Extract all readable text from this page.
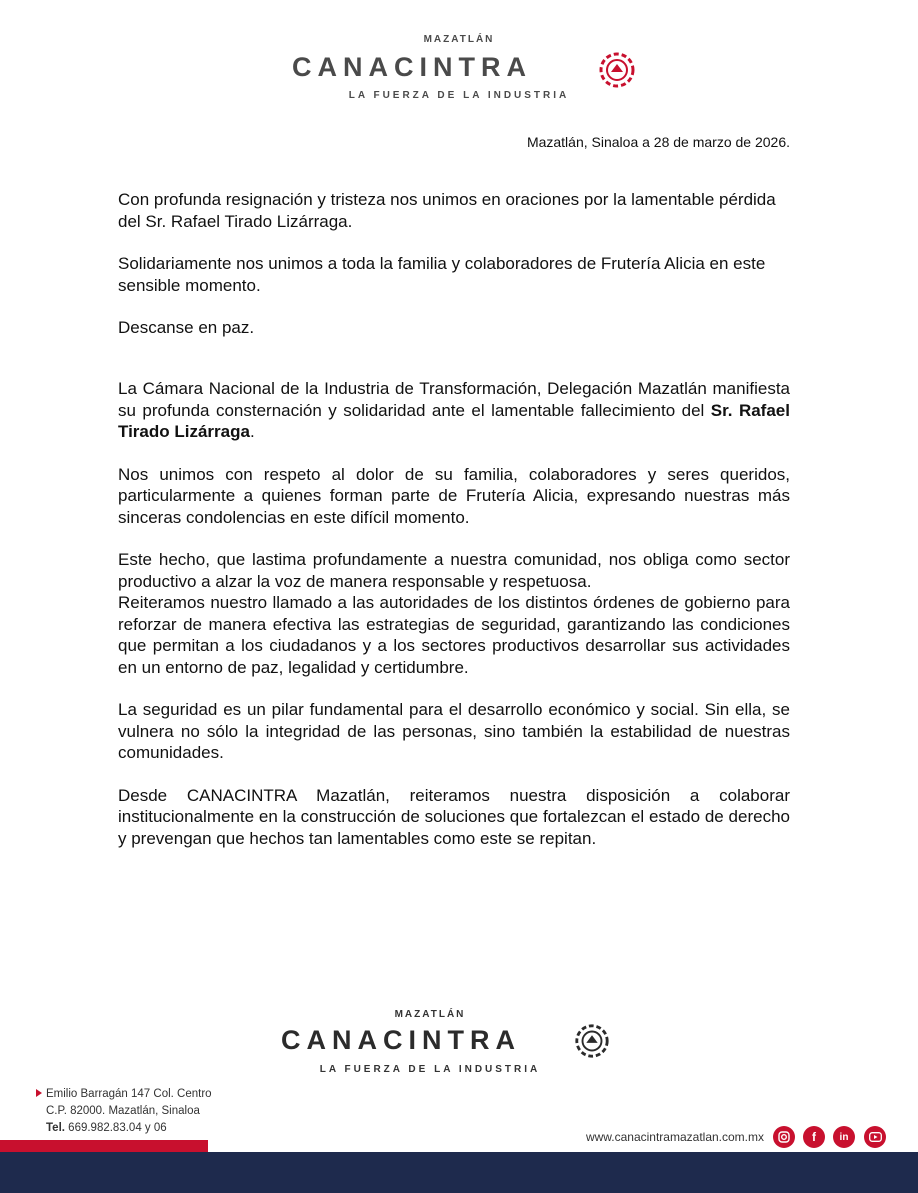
MAZATLÁN
CANACINTRA
LA FUERZA DE LA INDUSTRIA
Mazatlán, Sinaloa a 28 de marzo de 2026.

Con profunda resignación y tristeza nos unimos en oraciones por la lamentable pérdida del Sr. Rafael Tirado Lizárraga.

Solidariamente nos unimos a toda la familia y colaboradores de Frutería Alicia en este sensible momento.

Descanse en paz.

La Cámara Nacional de la Industria de Transformación, Delegación Mazatlán manifiesta su profunda consternación y solidaridad ante el lamentable fallecimiento del Sr. Rafael Tirado Lizárraga.

Nos unimos con respeto al dolor de su familia, colaboradores y seres queridos, particularmente a quienes forman parte de Frutería Alicia, expresando nuestras más sinceras condolencias en este difícil momento.

Este hecho, que lastima profundamente a nuestra comunidad, nos obliga como sector productivo a alzar la voz de manera responsable y respetuosa.

Reiteramos nuestro llamado a las autoridades de los distintos órdenes de gobierno para reforzar de manera efectiva las estrategias de seguridad, garantizando las condiciones que permitan a los ciudadanos y a los sectores productivos desarrollar sus actividades en un entorno de paz, legalidad y certidumbre.

La seguridad es un pilar fundamental para el desarrollo económico y social. Sin ella, se vulnera no sólo la integridad de las personas, sino también la estabilidad de nuestras comunidades.

Desde CANACINTRA Mazatlán, reiteramos nuestra disposición a colaborar institucionalmente en la construcción de soluciones que fortalezcan el estado de derecho y prevengan que hechos tan lamentables como este se repitan.

MAZATLÁN
CANACINTRA
LA FUERZA DE LA INDUSTRIA
Emilio Barragán 147 Col. Centro
C.P. 82000. Mazatlán, Sinaloa
Tel. 669.982.83.04 y 06
www.canacintramazatlan.com.mx	f	in
